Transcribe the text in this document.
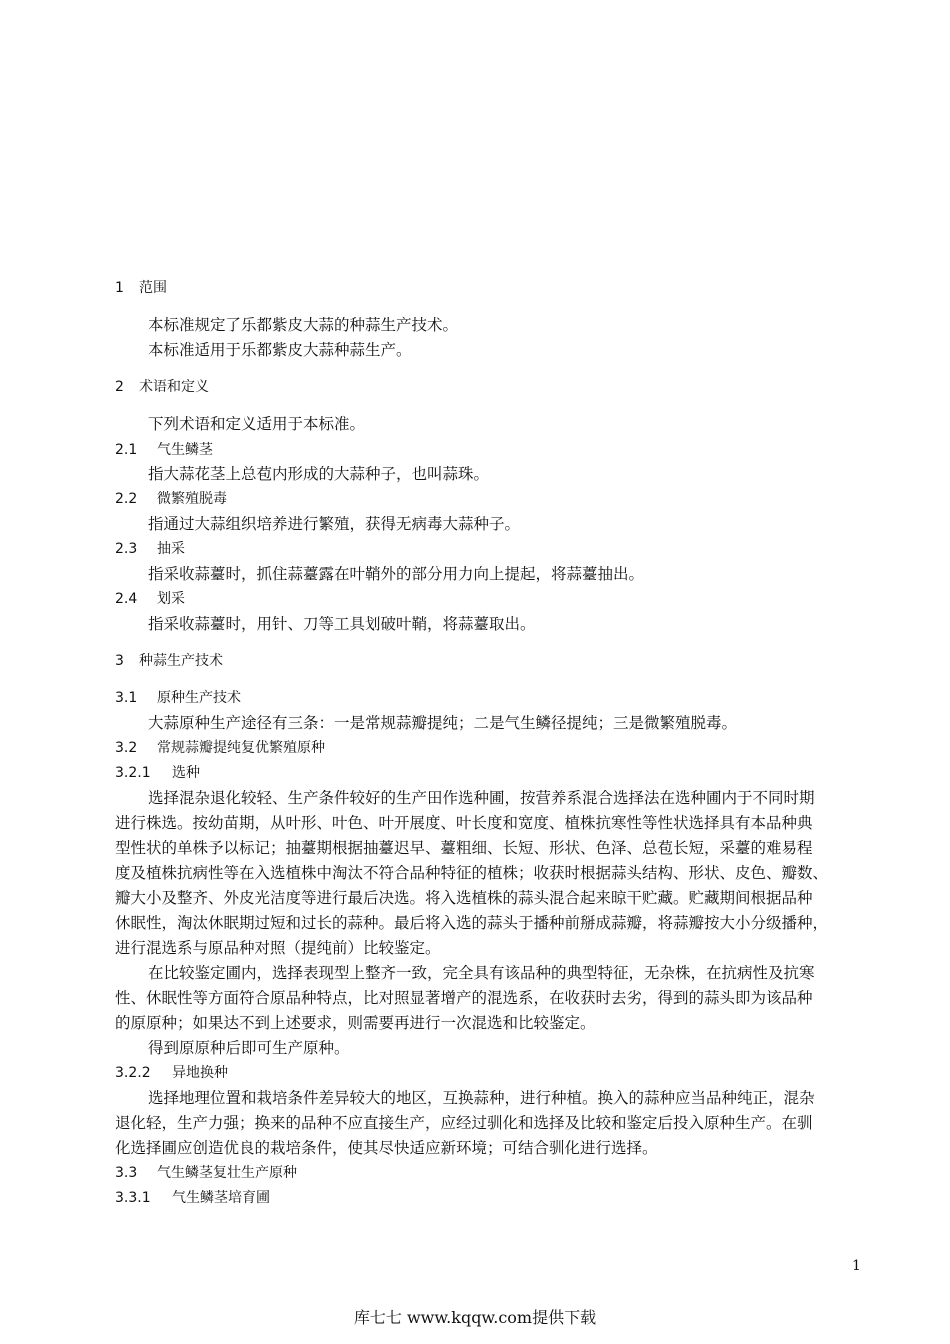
1 范围
本标准规定了乐都紫皮大蒜的种蒜生产技术。
本标准适用于乐都紫皮大蒜种蒜生产。
2 术语和定义
下列术语和定义适用于本标准。
2.1 气生鳞茎
指大蒜花茎上总苞内形成的大蒜种子，也叫蒜珠。
2.2 微繁殖脱毒
指通过大蒜组织培养进行繁殖，获得无病毒大蒜种子。
2.3 抽采
指采收蒜薹时，抓住蒜薹露在叶鞘外的部分用力向上提起，将蒜薹抽出。
2.4 划采
指采收蒜薹时，用针、刀等工具划破叶鞘，将蒜薹取出。
3 种蒜生产技术
3.1 原种生产技术
大蒜原种生产途径有三条：一是常规蒜瓣提纯；二是气生鳞径提纯；三是微繁殖脱毒。
3.2 常规蒜瓣提纯复优繁殖原种
3.2.1 选种
选择混杂退化较轻、生产条件较好的生产田作选种圃，按营养系混合选择法在选种圃内于不同时期
进行株选。按幼苗期，从叶形、叶色、叶开展度、叶长度和宽度、植株抗寒性等性状选择具有本品种典
型性状的单株予以标记；抽薹期根据抽薹迟早、薹粗细、长短、形状、色泽、总苞长短，采薹的难易程
度及植株抗病性等在入选植株中淘汰不符合品种特征的植株；收获时根据蒜头结构、形状、皮色、瓣数、
瓣大小及整齐、外皮光洁度等进行最后决选。将入选植株的蒜头混合起来晾干贮藏。贮藏期间根据品种
休眠性，淘汰休眠期过短和过长的蒜种。最后将入选的蒜头于播种前掰成蒜瓣，将蒜瓣按大小分级播种，
进行混选系与原品种对照（提纯前）比较鉴定。
在比较鉴定圃内，选择表现型上整齐一致，完全具有该品种的典型特征，无杂株，在抗病性及抗寒
性、休眠性等方面符合原品种特点，比对照显著增产的混选系，在收获时去劣，得到的蒜头即为该品种
的原原种；如果达不到上述要求，则需要再进行一次混选和比较鉴定。
得到原原种后即可生产原种。
3.2.2 异地换种
选择地理位置和栽培条件差异较大的地区，互换蒜种，进行种植。换入的蒜种应当品种纯正，混杂
退化轻，生产力强；换来的品种不应直接生产，应经过驯化和选择及比较和鉴定后投入原种生产。在驯
化选择圃应创造优良的栽培条件，使其尽快适应新环境；可结合驯化进行选择。
3.3 气生鳞茎复壮生产原种
3.3.1 气生鳞茎培育圃
1
库七七 www.kqqw.com提供下载
